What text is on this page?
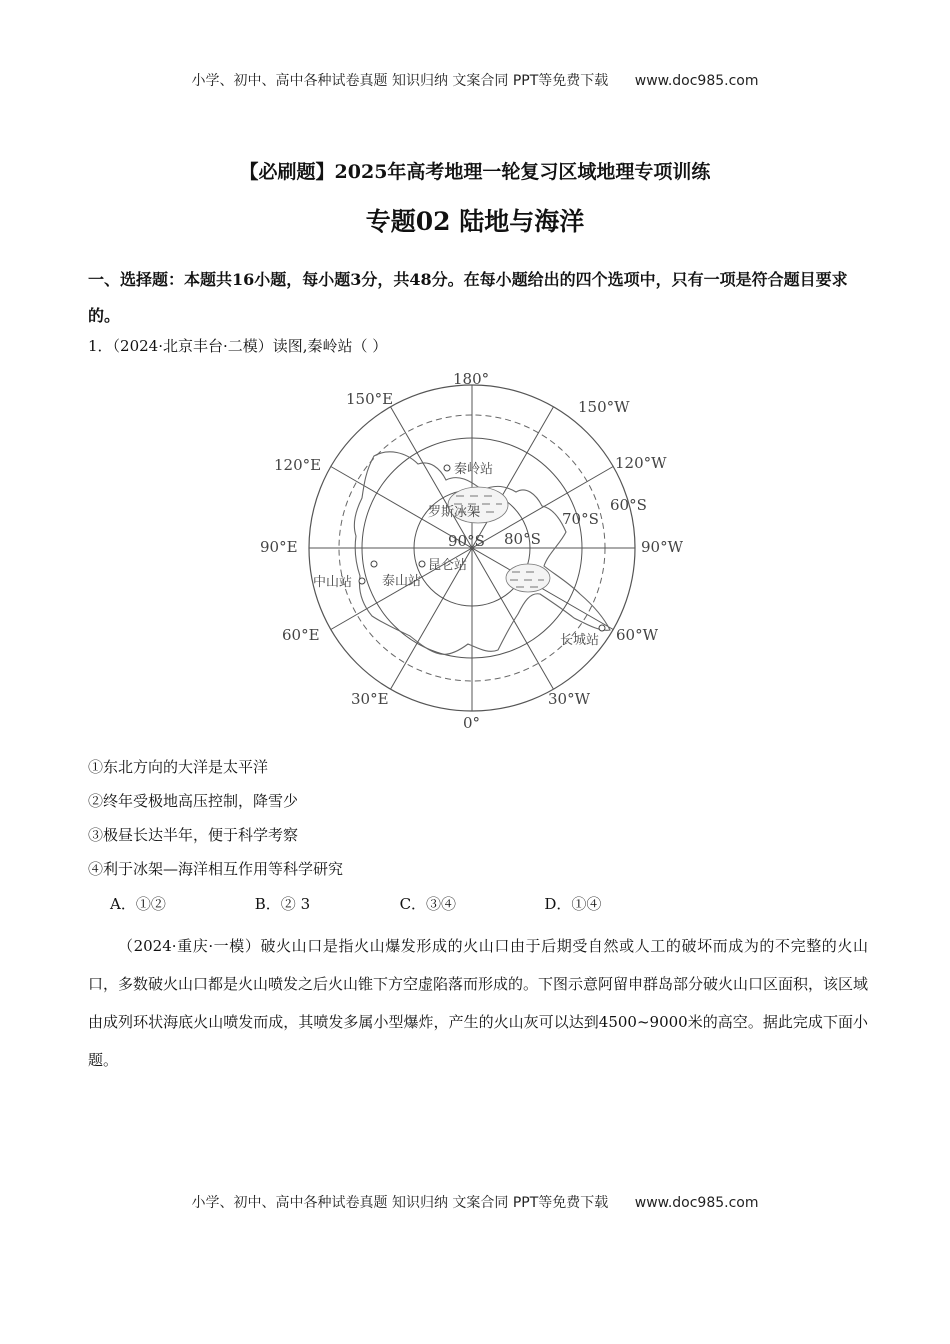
小学、初中、高中各种试卷真题 知识归纳 文案合同 PPT等免费下载 www.doc985.com
【必刷题】2025年高考地理一轮复习区域地理专项训练
专题02 陆地与海洋
一、选择题：本题共16小题，每小题3分，共48分。在每小题给出的四个选项中，只有一项是符合题目要求的。
1．（2024·北京丰台·二模）读图,秦岭站（ ）
180°
150°W
120°W
90°W
60°W
30°W
0°
30°E
60°E
90°E
120°E
150°E
60°S
70°S
80°S
90°S
秦岭站
罗斯冰架
昆仑站
泰山站
中山站
长城站
①东北方向的大洋是太平洋
②终年受极地高压控制，降雪少
③极昼长达半年，便于科学考察
④利于冰架—海洋相互作用等科学研究
A．①②	B．② 3	C．③④	D．①④
（2024·重庆·一模）破火山口是指火山爆发形成的火山口由于后期受自然或人工的破坏而成为的不完整的火山口，多数破火山口都是火山喷发之后火山锥下方空虚陷落而形成的。下图示意阿留申群岛部分破火山口区面积，该区域由成列环状海底火山喷发而成，其喷发多属小型爆炸，产生的火山灰可以达到4500~9000米的高空。据此完成下面小题。
小学、初中、高中各种试卷真题 知识归纳 文案合同 PPT等免费下载 www.doc985.com
